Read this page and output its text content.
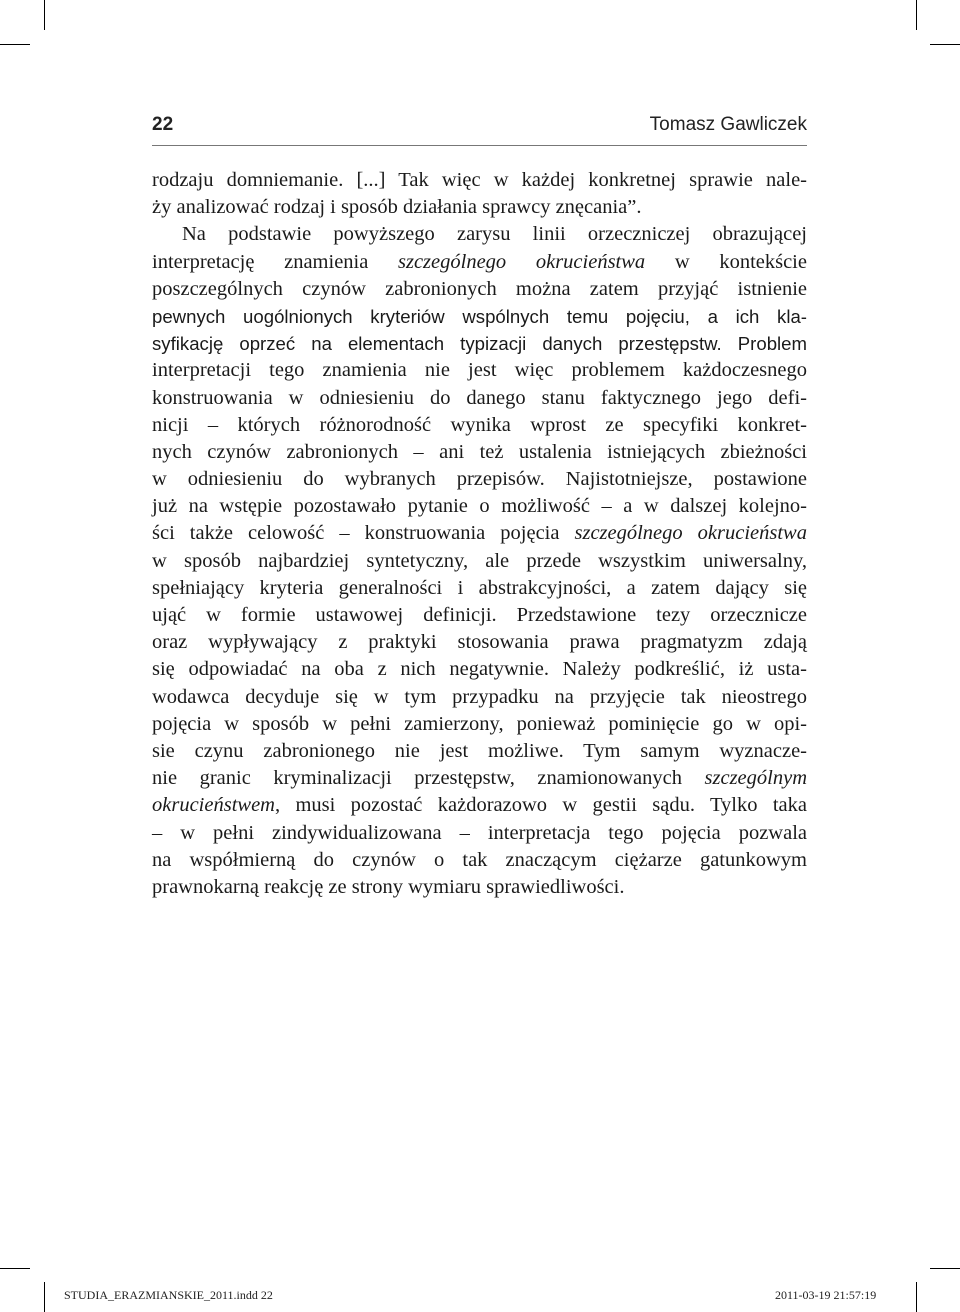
22	Tomasz Gawliczek
rodzaju domniemanie. [...] Tak więc w każdej konkretnej sprawie nale-
ży analizować rodzaj i sposób działania sprawcy znęcania”.
Na podstawie powyższego zarysu linii orzeczniczej obrazującej
interpretację znamienia szczególnego okrucieństwa w kontekście
poszczególnych czynów zabronionych można zatem przyjąć istnienie
pewnych uogólnionych kryteriów wspólnych temu pojęciu, a ich kla-
syfikację oprzeć na elementach typizacji danych przestępstw. Problem
interpretacji tego znamienia nie jest więc problemem każdoczesnego
konstruowania w odniesieniu do danego stanu faktycznego jego defi-
nicji – których różnorodność wynika wprost ze specyfiki konkret-
nych czynów zabronionych – ani też ustalenia istniejących zbieżności
w odniesieniu do wybranych przepisów. Najistotniejsze, postawione
już na wstępie pozostawało pytanie o możliwość – a w dalszej kolejno-
ści także celowość – konstruowania pojęcia szczególnego okrucieństwa
w sposób najbardziej syntetyczny, ale przede wszystkim uniwersalny,
spełniający kryteria generalności i abstrakcyjności, a zatem dający się
ująć w formie ustawowej definicji. Przedstawione tezy orzecznicze
oraz wypływający z praktyki stosowania prawa pragmatyzm zdają
się odpowiadać na oba z nich negatywnie. Należy podkreślić, iż usta-
wodawca decyduje się w tym przypadku na przyjęcie tak nieostrego
pojęcia w sposób w pełni zamierzony, ponieważ pominięcie go w opi-
sie czynu zabronionego nie jest możliwe. Tym samym wyznacze-
nie granic kryminalizacji przestępstw, znamionowanych szczególnym
okrucieństwem, musi pozostać każdorazowo w gestii sądu. Tylko taka
– w pełni zindywidualizowana – interpretacja tego pojęcia pozwala
na współmierną do czynów o tak znaczącym ciężarze gatunkowym
prawnokarną reakcję ze strony wymiaru sprawiedliwości.
STUDIA_ERAZMIANSKIE_2011.indd 22	2011-03-19 21:57:19
